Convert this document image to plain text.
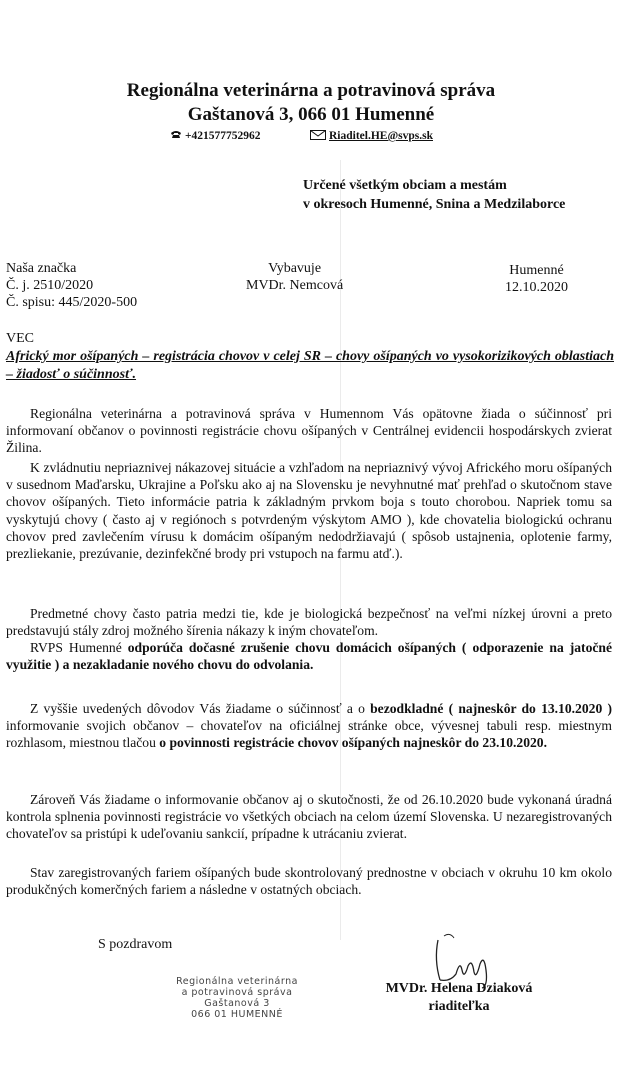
Regionálna veterinárna a potravinová správa
Gaštanová 3, 066 01 Humenné
+421577752962	Riaditel.HE@svps.sk
Určené všetkým obciam a mestám
v okresoch Humenné, Snina a Medzilaborce
Naša značka
Č. j. 2510/2020
Č. spisu: 445/2020-500
Vybavuje
MVDr. Nemcová
Humenné
12.10.2020
VEC
Africký mor ošípaných – registrácia chovov v celej SR – chovy ošípaných vo vysokorizikových oblastiach – žiadosť o súčinnosť.
Regionálna veterinárna a potravinová správa v Humennom Vás opätovne žiada o súčinnosť pri informovaní občanov o povinnosti registrácie chovu ošípaných v Centrálnej evidencii hospodárskych zvierat Žilina.
K zvládnutiu nepriaznivej nákazovej situácie a vzhľadom na nepriaznivý vývoj Afrického moru ošípaných v susednom Maďarsku, Ukrajine a Poľsku ako aj na Slovensku je nevyhnutné mať prehľad o skutočnom stave chovov ošípaných. Tieto informácie patria k základným prvkom boja s touto chorobou. Napriek tomu sa vyskytujú chovy ( často aj v regiónoch s potvrdeným výskytom AMO ), kde chovatelia biologickú ochranu chovov pred zavlečením vírusu k domácim ošípaným nedodržiavajú ( spôsob ustajnenia, oplotenie farmy, prezliekanie, prezúvanie, dezinfekčné brody pri vstupoch na farmu atď.).
Predmetné chovy často patria medzi tie, kde je biologická bezpečnosť na veľmi nízkej úrovni a preto predstavujú stály zdroj možného šírenia nákazy k iným chovateľom.
RVPS Humenné odporúča dočasné zrušenie chovu domácich ošípaných ( odporazenie na jatočné využitie ) a nezakladanie nového chovu do odvolania.
Z vyššie uvedených dôvodov Vás žiadame o súčinnosť a o bezodkladné ( najneskôr do 13.10.2020 ) informovanie svojich občanov – chovateľov na oficiálnej stránke obce, vývesnej tabuli resp. miestnym rozhlasom, miestnou tlačou o povinnosti registrácie chovov ošípaných najneskôr do 23.10.2020.
Zároveň Vás žiadame o informovanie občanov aj o skutočnosti, že od 26.10.2020 bude vykonaná úradná kontrola splnenia povinnosti registrácie vo všetkých obciach na celom území Slovenska. U nezaregistrovaných chovateľov sa pristúpi k udeľovaniu sankcií, prípadne k utrácaniu zvierat.
Stav zaregistrovaných fariem ošípaných bude skontrolovaný prednostne v obciach v okruhu 10 km okolo produkčných komerčných fariem a následne v ostatných obciach.
S pozdravom
Regionálna veterinárna
a potravinová správa
Gaštanová 3
066 01 HUMENNÉ
MVDr. Helena Dziaková
riaditeľka
